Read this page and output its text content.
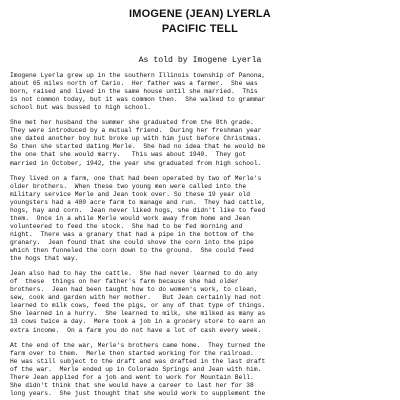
IMOGENE (JEAN) LYERLA
PACIFIC TELL
As told by Imogene Lyerla
Imogene Lyerla grew up in the southern Illinois township of Panona,
about 65 miles north of Cario.  Her father was a farmer.  She was
born, raised and lived in the same house until she married.  This
is not common today, but it was common then.  She walked to grammar
school but was bussed to high school.
She met her husband the summer she graduated from the 8th grade.
They were introduced by a mutual friend.  During her freshman year
she dated another boy but broke up with him just before Christmas.
So then she started dating Merle.  She had no idea that he would be
the one that she would marry.   This was about 1940.  They got
married in October, 1942, the year she graduated from high school.
They lived on a farm, one that had been operated by two of Merle's
older brothers.  When these two young men were called into the
military service Merle and Jean took over. So these 19 year old
youngsters had a 480 acre farm to manage and run.  They had cattle,
hogs, hay and corn.  Jean never liked hogs, she didn't like to feed
them.  Once in a while Merle would work away from home and Jean
volunteered to feed the stock.  She had to be fed morning and
night.  There was a granary that had a pipe in the bottom of the
granary.  Jean found that she could shove the corn into the pipe
which then funneled the corn down to the ground.  She could feed
the hogs that way.
Jean also had to hay the cattle.  She had never learned to do any
of  these  things on her father's farm because she had older
brothers.  Jean had been taught how to do women's work, to clean,
sew, cook and garden with her mother.   But Jean certainly had not
learned to milk cows, feed the pigs, or any of that type of things.
She learned in a hurry.  She learned to milk, she milked as many as
13 cows twice a day.  Mere took a job in a grocery store to earn an
extra income.  On a farm you do not have a lot of cash every week.
At the end of the war, Merle's brothers came home.  They turned the
farm over to them.  Merle then started working for the railroad.
He was still subject to the draft and was drafted in the last draft
of the war.  Merle ended up in Colorado Springs and Jean with him.
There Jean applied for a job and went to work for Mountain Bell.
She didn't think that she would have a career to last her for 38
long years.  She just thought that she would work to supplement the
